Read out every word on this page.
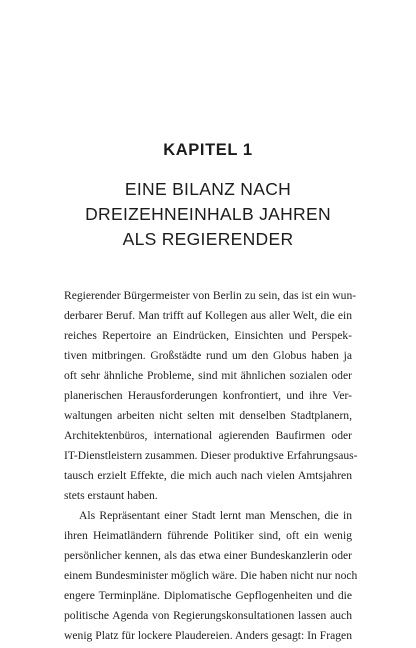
KAPITEL 1
EINE BILANZ NACH
DREIZEHNEINHALB JAHREN
ALS REGIERENDER
Regierender Bürgermeister von Berlin zu sein, das ist ein wun-
derbarer Beruf. Man trifft auf Kollegen aus aller Welt, die ein
reiches Repertoire an Eindrücken, Einsichten und Perspek-
tiven mitbringen. Großstädte rund um den Globus haben ja
oft sehr ähnliche Probleme, sind mit ähnlichen sozialen oder
planerischen Herausforderungen konfrontiert, und ihre Ver-
waltungen arbeiten nicht selten mit denselben Stadtplanern,
Architektenbüros, international agierenden Baufirmen oder
IT-Dienstleistern zusammen. Dieser produktive Erfahrungsaus-
tausch erzielt Effekte, die mich auch nach vielen Amtsjahren
stets erstaunt haben.
Als Repräsentant einer Stadt lernt man Menschen, die in
ihren Heimatländern führende Politiker sind, oft ein wenig
persönlicher kennen, als das etwa einer Bundeskanzlerin oder
einem Bundesminister möglich wäre. Die haben nicht nur noch
engere Terminpläne. Diplomatische Gepflogenheiten und die
politische Agenda von Regierungskonsultationen lassen auch
wenig Platz für lockere Plaudereien. Anders gesagt: In Fragen
